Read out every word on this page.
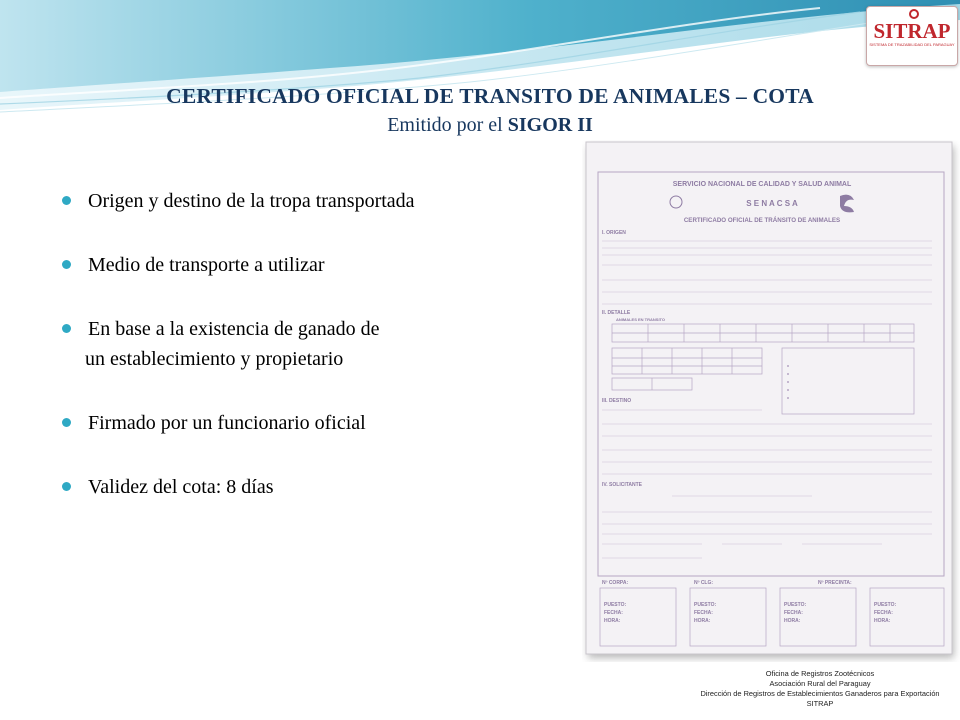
SITRAP
SISTEMA DE TRAZABILIDAD DEL PARAGUAY
CERTIFICADO OFICIAL DE TRANSITO DE ANIMALES – COTA
Emitido por el SIGOR II
Origen y destino de la tropa transportada
Medio de transporte a utilizar
En base a la existencia de ganado de
un establecimiento y propietario
Firmado por un funcionario oficial
Validez del cota: 8 días
SERVICIO NACIONAL DE CALIDAD Y SALUD ANIMAL
S E N A C S A
CERTIFICADO OFICIAL DE TRÁNSITO DE ANIMALES
I. ORIGEN
II. DETALLE
ANIMALES EN TRANSITO
III. DESTINO
IV. SOLICITANTE
Nº CORPA:	Nº CLG:	Nº PRECINTA:
PUESTO:
FECHA:
HORA:
PUESTO:
FECHA:
HORA:
PUESTO:
FECHA:
HORA:
PUESTO:
FECHA:
HORA:
Oficina de Registros Zootécnicos
Asociación Rural del Paraguay
Dirección de Registros de Establecimientos Ganaderos para Exportación
SITRAP
